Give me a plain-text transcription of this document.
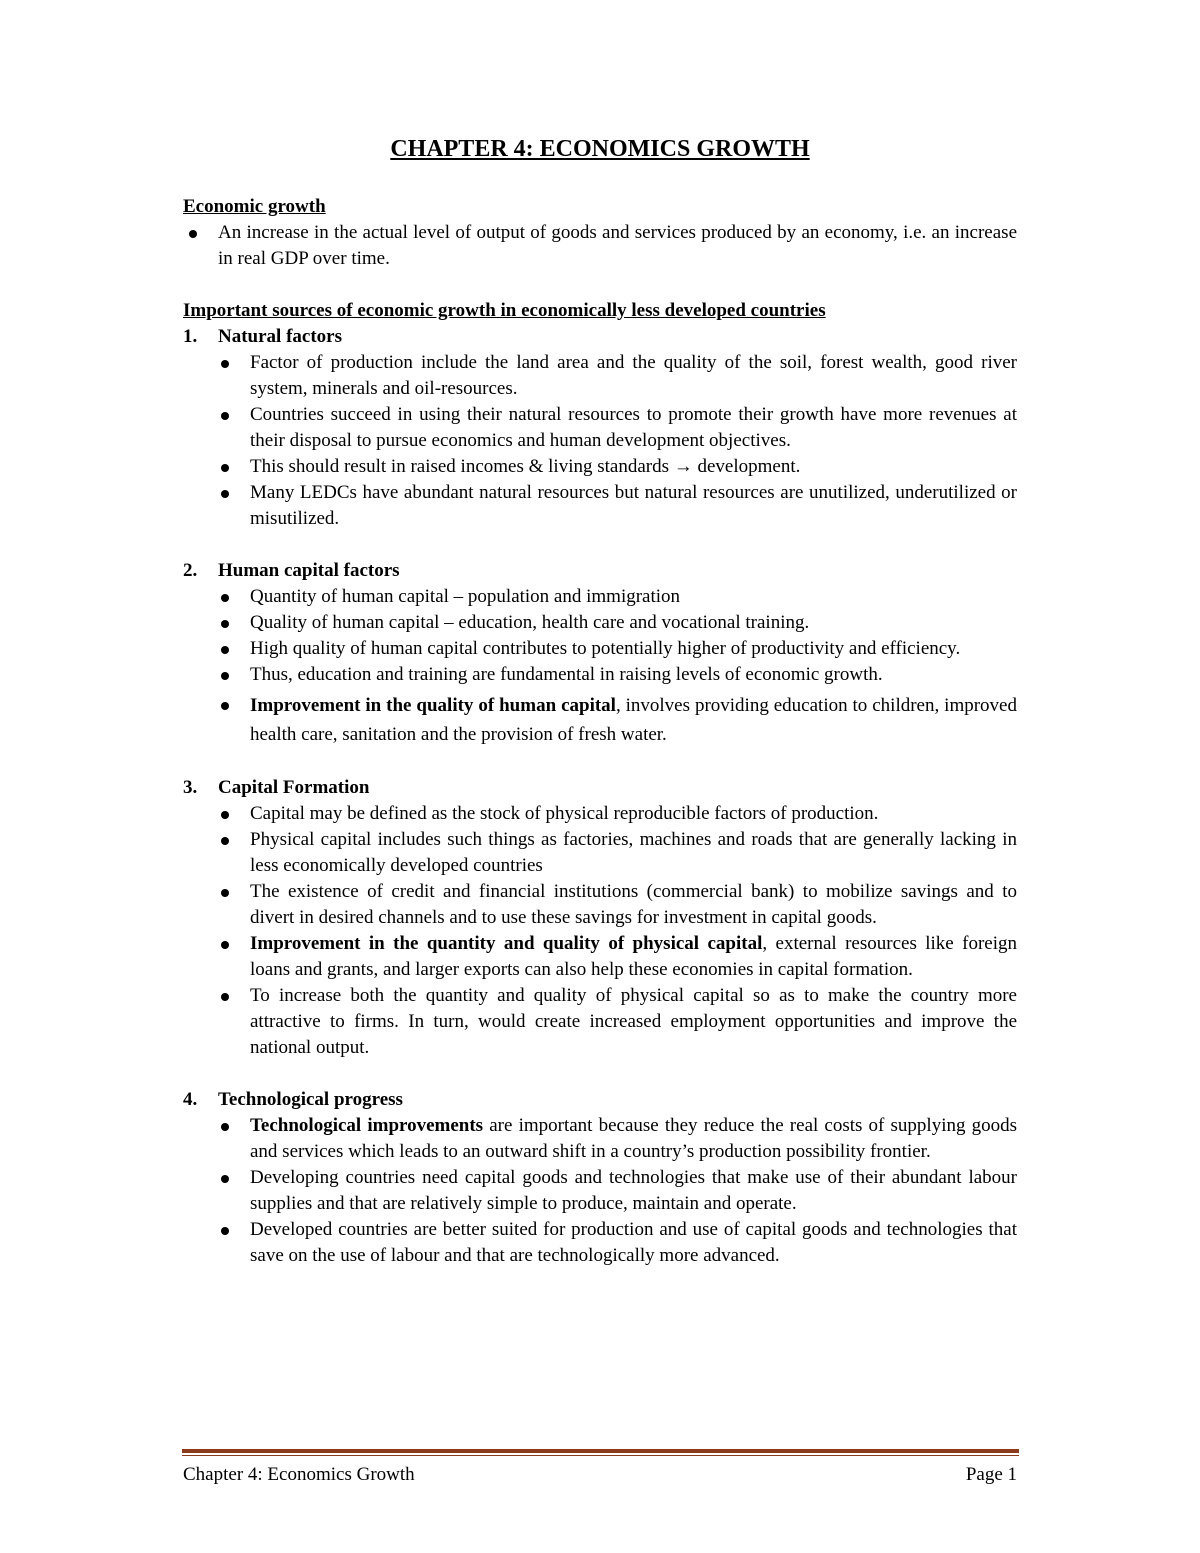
CHAPTER 4: ECONOMICS GROWTH

Economic growth

An increase in the actual level of output of goods and services produced by an economy, i.e. an increase in real GDP over time.

Important sources of economic growth in economically less developed countries

1. Natural factors

Factor of production include the land area and the quality of the soil, forest wealth, good river system, minerals and oil-resources.
Countries succeed in using their natural resources to promote their growth have more revenues at their disposal to pursue economics and human development objectives.
This should result in raised incomes & living standards → development.
Many LEDCs have abundant natural resources but natural resources are unutilized, underutilized or misutilized.

2. Human capital factors

Quantity of human capital – population and immigration
Quality of human capital – education, health care and vocational training.
High quality of human capital contributes to potentially higher of productivity and efficiency.
Thus, education and training are fundamental in raising levels of economic growth.
Improvement in the quality of human capital, involves providing education to children, improved health care, sanitation and the provision of fresh water.

3. Capital Formation

Capital may be defined as the stock of physical reproducible factors of production.
Physical capital includes such things as factories, machines and roads that are generally lacking in less economically developed countries
The existence of credit and financial institutions (commercial bank) to mobilize savings and to divert in desired channels and to use these savings for investment in capital goods.
Improvement in the quantity and quality of physical capital, external resources like foreign loans and grants, and larger exports can also help these economies in capital formation.
To increase both the quantity and quality of physical capital so as to make the country more attractive to firms. In turn, would create increased employment opportunities and improve the national output.

4. Technological progress

Technological improvements are important because they reduce the real costs of supplying goods and services which leads to an outward shift in a country’s production possibility frontier.
Developing countries need capital goods and technologies that make use of their abundant labour supplies and that are relatively simple to produce, maintain and operate.
Developed countries are better suited for production and use of capital goods and technologies that save on the use of labour and that are technologically more advanced.
Chapter 4: Economics Growth	Page 1
